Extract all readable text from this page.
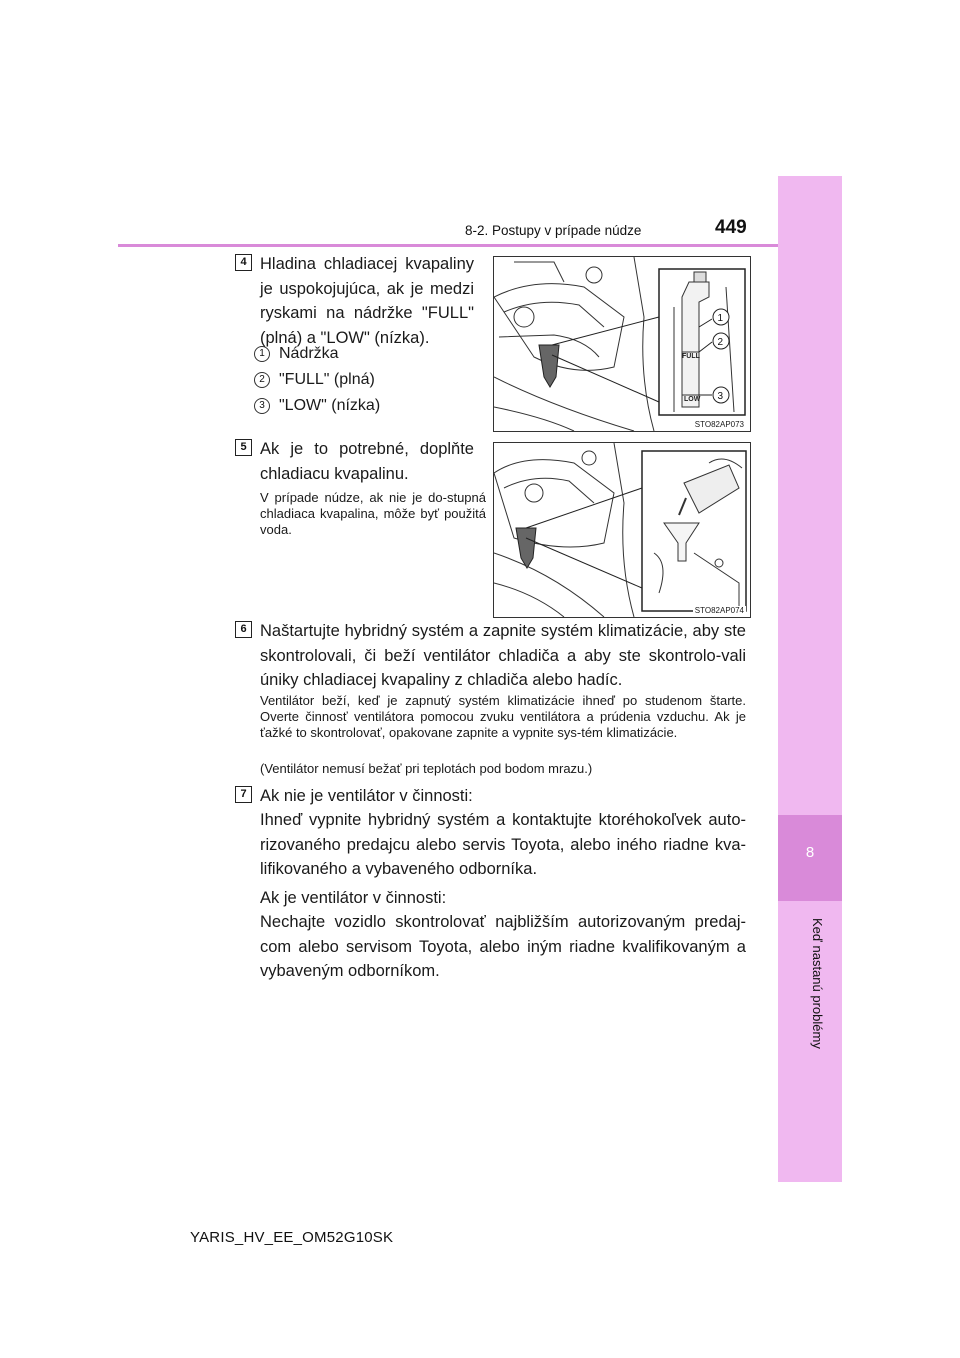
8
Keď nastanú problémy
8-2. Postupy v prípade núdze	449
4 Hladina chladiacej kvapaliny je uspokojujúca, ak je medzi ryskami na nádržke "FULL" (plná) a "LOW" (nízka).
1 Nádržka
2 "FULL" (plná)
3 "LOW" (nízka)
FULL
LOW
1
2
3
STO82AP073
5 Ak je to potrebné, doplňte chladiacu kvapalinu.
V prípade núdze, ak nie je do-stupná chladiaca kvapalina, môže byť použitá voda.
STO82AP074
6 Naštartujte hybridný systém a zapnite systém klimatizácie, aby ste skontrolovali, či beží ventilátor chladiča a aby ste skontrolo-vali úniky chladiacej kvapaliny z chladiča alebo hadíc.
Ventilátor beží, keď je zapnutý systém klimatizácie ihneď po studenom štarte. Overte činnosť ventilátora pomocou zvuku ventilátora a prúdenia vzduchu. Ak je ťažké to skontrolovať, opakovane zapnite a vypnite sys-tém klimatizácie.
(Ventilátor nemusí bežať pri teplotách pod bodom mrazu.)
7 Ak nie je ventilátor v činnosti:
Ihneď vypnite hybridný systém a kontaktujte ktoréhokoľvek auto-rizovaného predajcu alebo servis Toyota, alebo iného riadne kva-lifikovaného a vybaveného odborníka.
Ak je ventilátor v činnosti:
Nechajte vozidlo skontrolovať najbližším autorizovaným predaj-com alebo servisom Toyota, alebo iným riadne kvalifikovaným a vybaveným odborníkom.
YARIS_HV_EE_OM52G10SK
